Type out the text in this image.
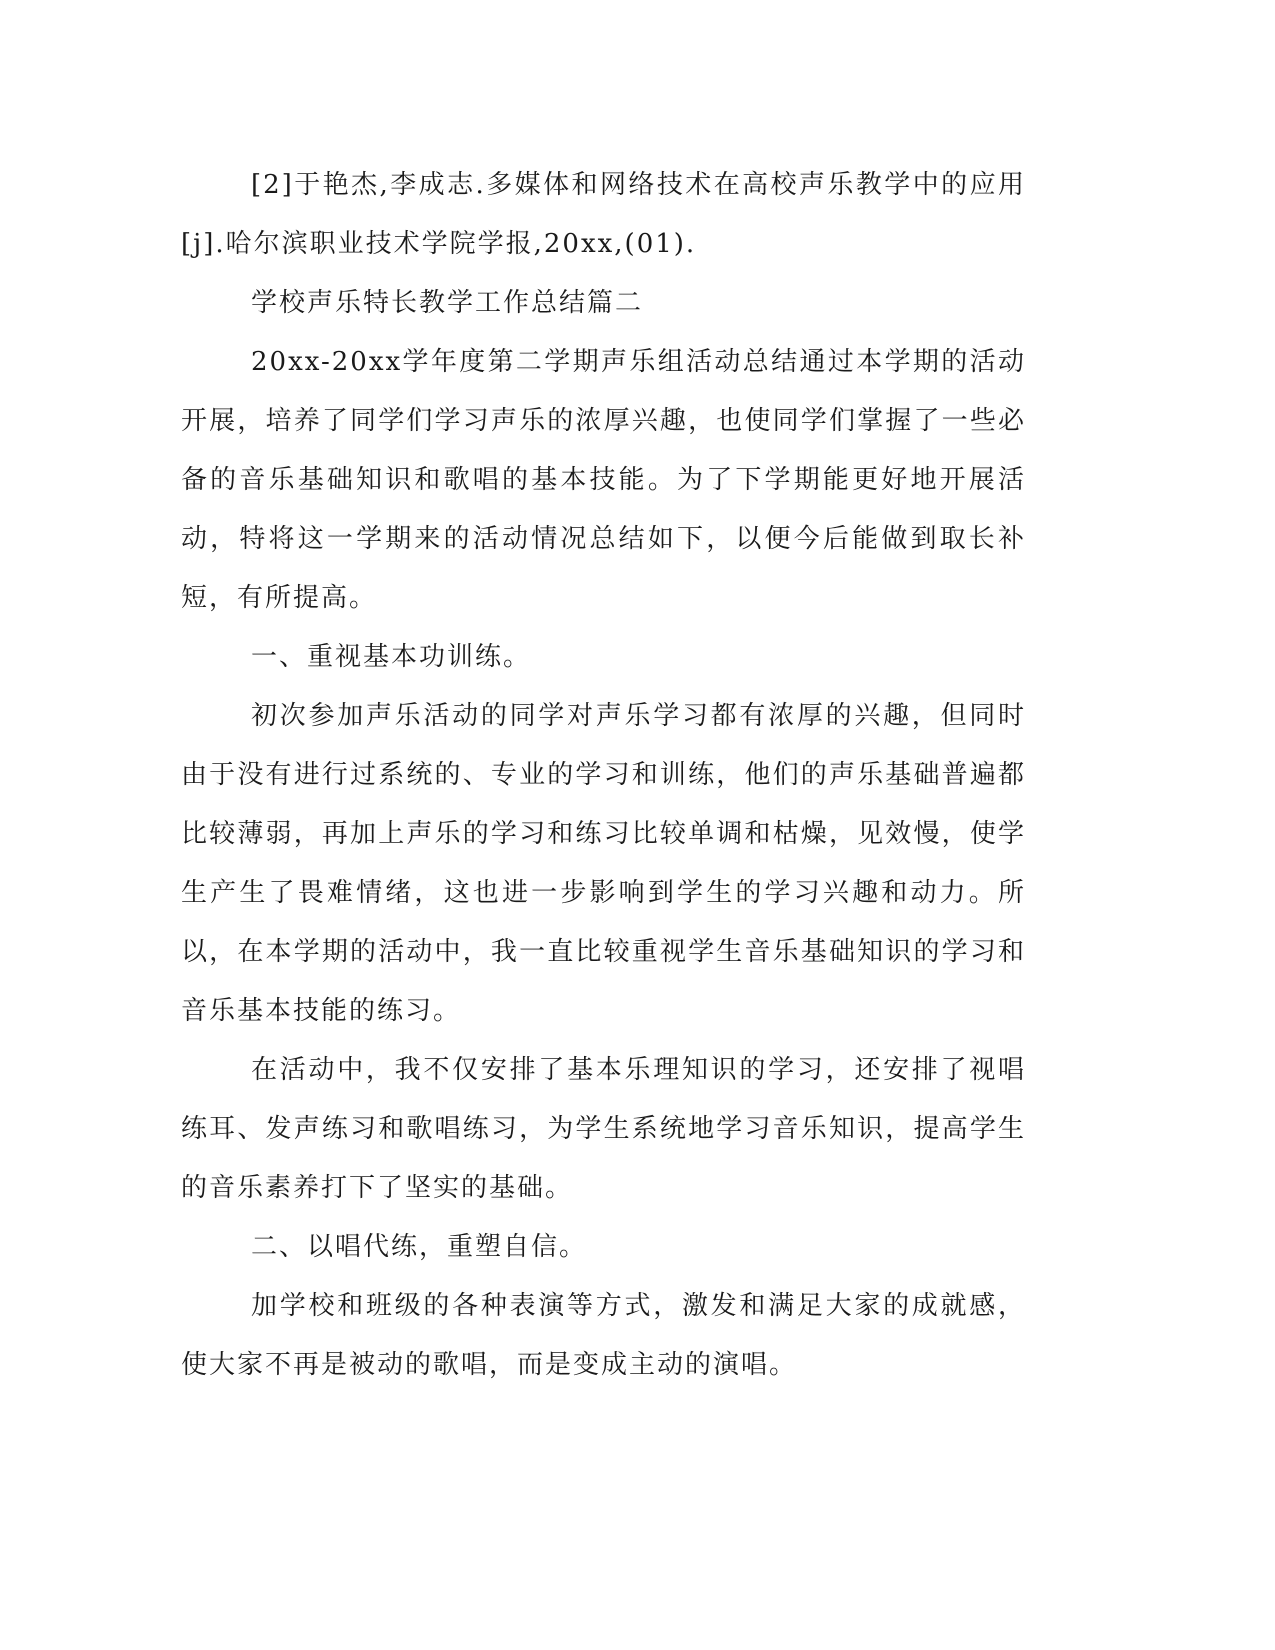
[2]于艳杰,李成志.多媒体和网络技术在高校声乐教学中的应用[j].哈尔滨职业技术学院学报,20xx,(01).

学校声乐特长教学工作总结篇二

20xx-20xx学年度第二学期声乐组活动总结通过本学期的活动开展，培养了同学们学习声乐的浓厚兴趣，也使同学们掌握了一些必备的音乐基础知识和歌唱的基本技能。为了下学期能更好地开展活动，特将这一学期来的活动情况总结如下，以便今后能做到取长补短，有所提高。

一、重视基本功训练。

初次参加声乐活动的同学对声乐学习都有浓厚的兴趣，但同时由于没有进行过系统的、专业的学习和训练，他们的声乐基础普遍都比较薄弱，再加上声乐的学习和练习比较单调和枯燥，见效慢，使学生产生了畏难情绪，这也进一步影响到学生的学习兴趣和动力。所以，在本学期的活动中，我一直比较重视学生音乐基础知识的学习和音乐基本技能的练习。

在活动中，我不仅安排了基本乐理知识的学习，还安排了视唱练耳、发声练习和歌唱练习，为学生系统地学习音乐知识，提高学生的音乐素养打下了坚实的基础。

二、以唱代练，重塑自信。

加学校和班级的各种表演等方式，激发和满足大家的成就感，使大家不再是被动的歌唱，而是变成主动的演唱。
